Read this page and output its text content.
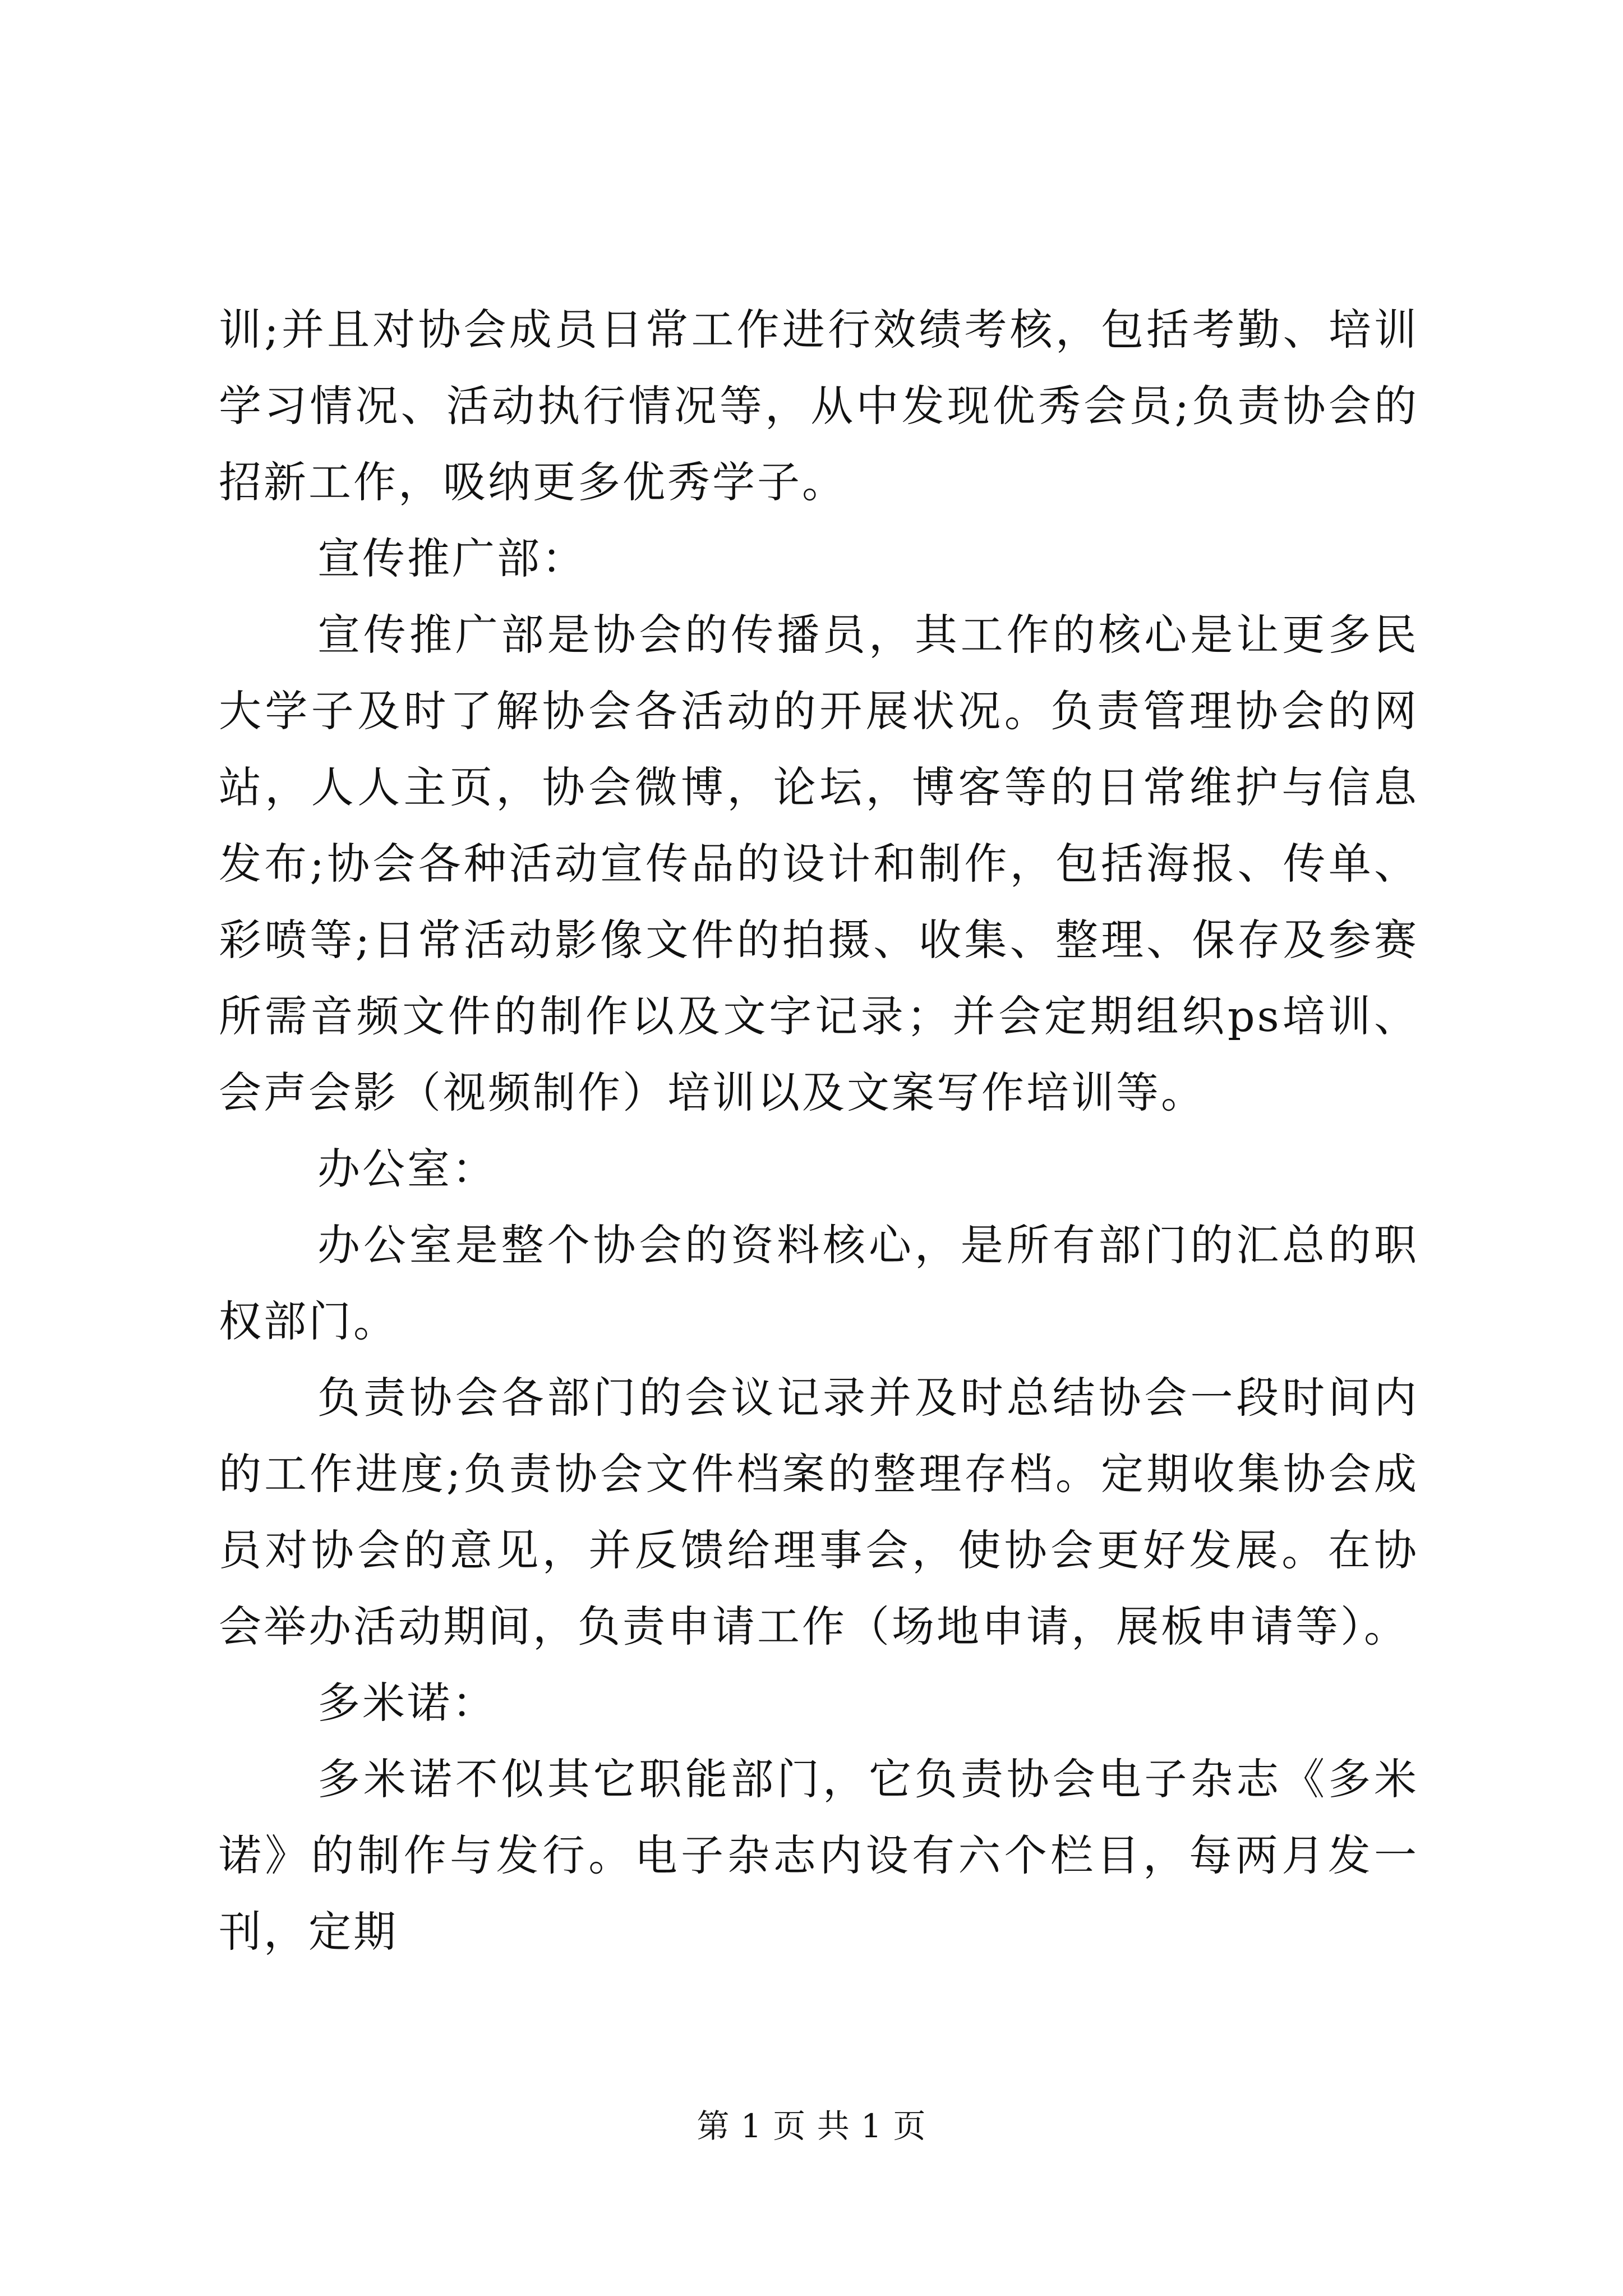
训;并且对协会成员日常工作进行效绩考核，包括考勤、培训学习情况、活动执行情况等，从中发现优秀会员;负责协会的招新工作，吸纳更多优秀学子。

宣传推广部：

宣传推广部是协会的传播员，其工作的核心是让更多民大学子及时了解协会各活动的开展状况。负责管理协会的网站，人人主页，协会微博，论坛，博客等的日常维护与信息发布;协会各种活动宣传品的设计和制作，包括海报、传单、彩喷等;日常活动影像文件的拍摄、收集、整理、保存及参赛所需音频文件的制作以及文字记录；并会定期组织ps培训、会声会影（视频制作）培训以及文案写作培训等。

办公室：

办公室是整个协会的资料核心，是所有部门的汇总的职权部门。

负责协会各部门的会议记录并及时总结协会一段时间内的工作进度;负责协会文件档案的整理存档。定期收集协会成员对协会的意见，并反馈给理事会，使协会更好发展。在协会举办活动期间，负责申请工作（场地申请，展板申请等）。

多米诺：

多米诺不似其它职能部门，它负责协会电子杂志《多米诺》的制作与发行。电子杂志内设有六个栏目，每两月发一刊，定期

第 1 页 共 1 页
